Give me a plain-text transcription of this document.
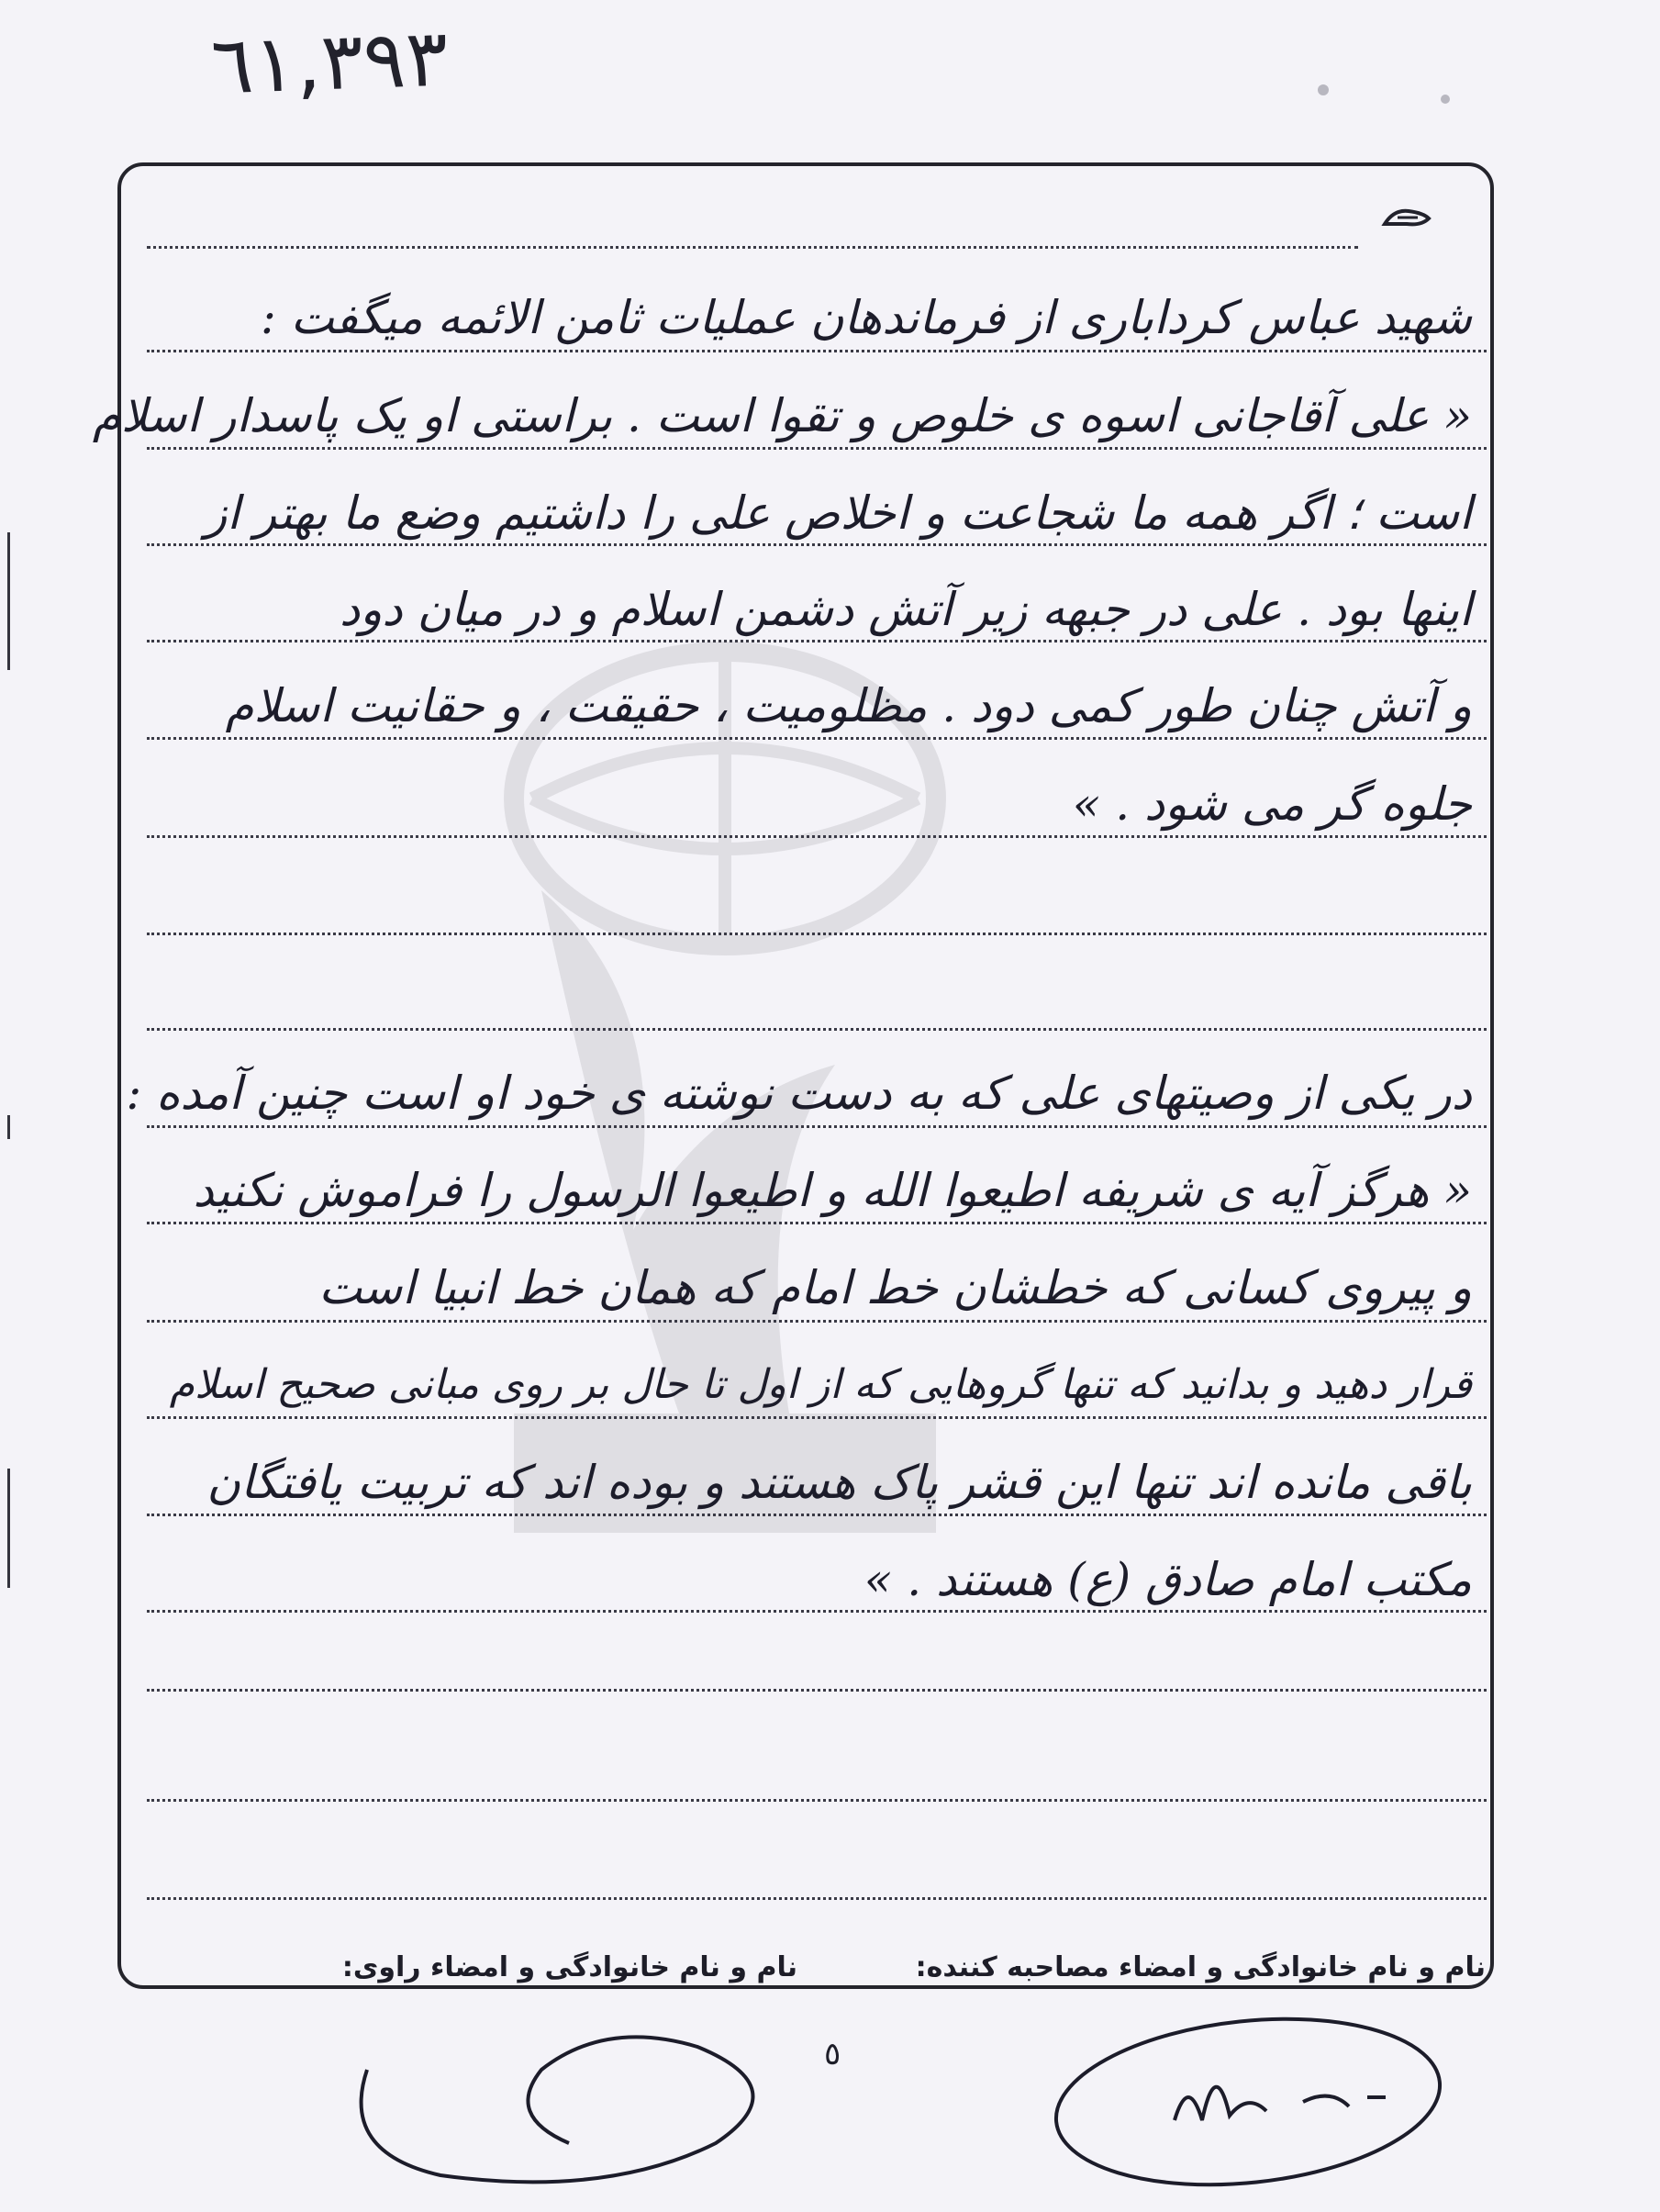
٦١,٣٩٣
شهید عباس کرداباری از فرماندهان عملیات ثامن الائمه میگفت :
« علی آقاجانی اسوه ی خلوص و تقوا است . براستی او یک پاسدار اسلام
است ؛ اگر همه ما شجاعت و اخلاص علی را داشتیم وضع ما بهتر از
اینها بود . علی در جبهه زیر آتش دشمن اسلام و در میان دود
و آتش چنان طور کمی دود . مظلومیت ، حقیقت ، و حقانیت اسلام
جلوه گر می شود . »
در یکی از وصیتهای علی که به دست نوشته ی خود او است چنین آمده :
« هرگز آیه ی شریفه اطیعوا الله و اطیعوا الرسول را فراموش نکنید
و پیروی کسانی که خطشان خط امام که همان خط انبیا است
قرار دهید و بدانید که تنها گروهایی که از اول تا حال بر روی مبانی صحیح اسلام
باقی مانده اند تنها این قشر پاک هستند و بوده اند که تربیت یافتگان
مکتب امام صادق (ع) هستند . »
نام و نام خانوادگی و امضاء مصاحبه کننده:
نام و نام خانوادگی و امضاء راوی:
٥
